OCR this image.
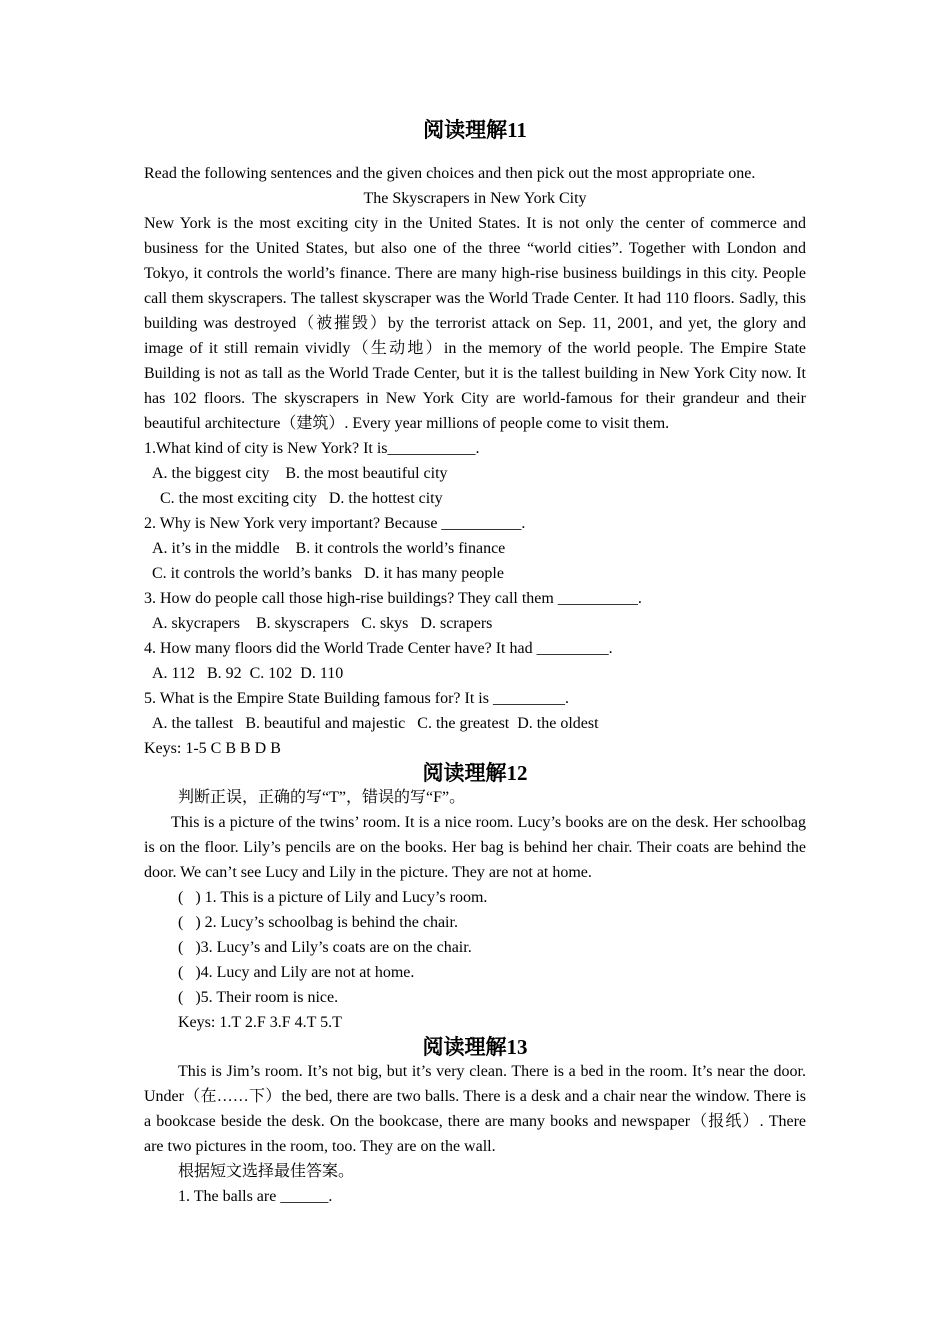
阅读理解11

Read the following sentences and the given choices and then pick out the most appropriate one.

The Skyscrapers in New York City

New York is the most exciting city in the United States. It is not only the center of commerce and business for the United States, but also one of the three “world cities”. Together with London and Tokyo, it controls the world’s finance. There are many high-rise business buildings in this city. People call them skyscrapers. The tallest skyscraper was the World Trade Center. It had 110 floors. Sadly, this building was destroyed（被摧毁）by the terrorist attack on Sep. 11, 2001, and yet, the glory and image of it still remain vividly（生动地）in the memory of the world people. The Empire State Building is not as tall as the World Trade Center, but it is the tallest building in New York City now. It has 102 floors. The skyscrapers in New York City are world-famous for their grandeur and their beautiful architecture（建筑）. Every year millions of people come to visit them.

1.What kind of city is New York? It is___________.

A. the biggest city    B. the most beautiful city

C. the most exciting city   D. the hottest city

2. Why is New York very important? Because __________.

A. it’s in the middle    B. it controls the world’s finance

C. it controls the world’s banks   D. it has many people

3. How do people call those high-rise buildings? They call them __________.

A. skycrapers    B. skyscrapers   C. skys   D. scrapers

4. How many floors did the World Trade Center have? It had _________.

A. 112   B. 92  C. 102  D. 110

5. What is the Empire State Building famous for? It is _________.

A. the tallest   B. beautiful and majestic   C. the greatest  D. the oldest

Keys: 1-5 C B B D B

阅读理解12

判断正误，正确的写“T”，错误的写“F”。

This is a picture of the twins’ room. It is a nice room. Lucy’s books are on the desk. Her schoolbag is on the floor. Lily’s pencils are on the books. Her bag is behind her chair. Their coats are behind the door. We can’t see Lucy and Lily in the picture. They are not at home.

(   ) 1. This is a picture of Lily and Lucy’s room.

(   ) 2. Lucy’s schoolbag is behind the chair.

(   )3. Lucy’s and Lily’s coats are on the chair.

(   )4. Lucy and Lily are not at home.

(   )5. Their room is nice.

Keys: 1.T 2.F 3.F 4.T 5.T

阅读理解13

This is Jim’s room. It’s not big, but it’s very clean. There is a bed in the room. It’s near the door. Under（在……下）the bed, there are two balls. There is a desk and a chair near the window. There is a bookcase beside the desk. On the bookcase, there are many books and newspaper（报纸）. There are two pictures in the room, too. They are on the wall.

根据短文选择最佳答案。

1. The balls are ______.
